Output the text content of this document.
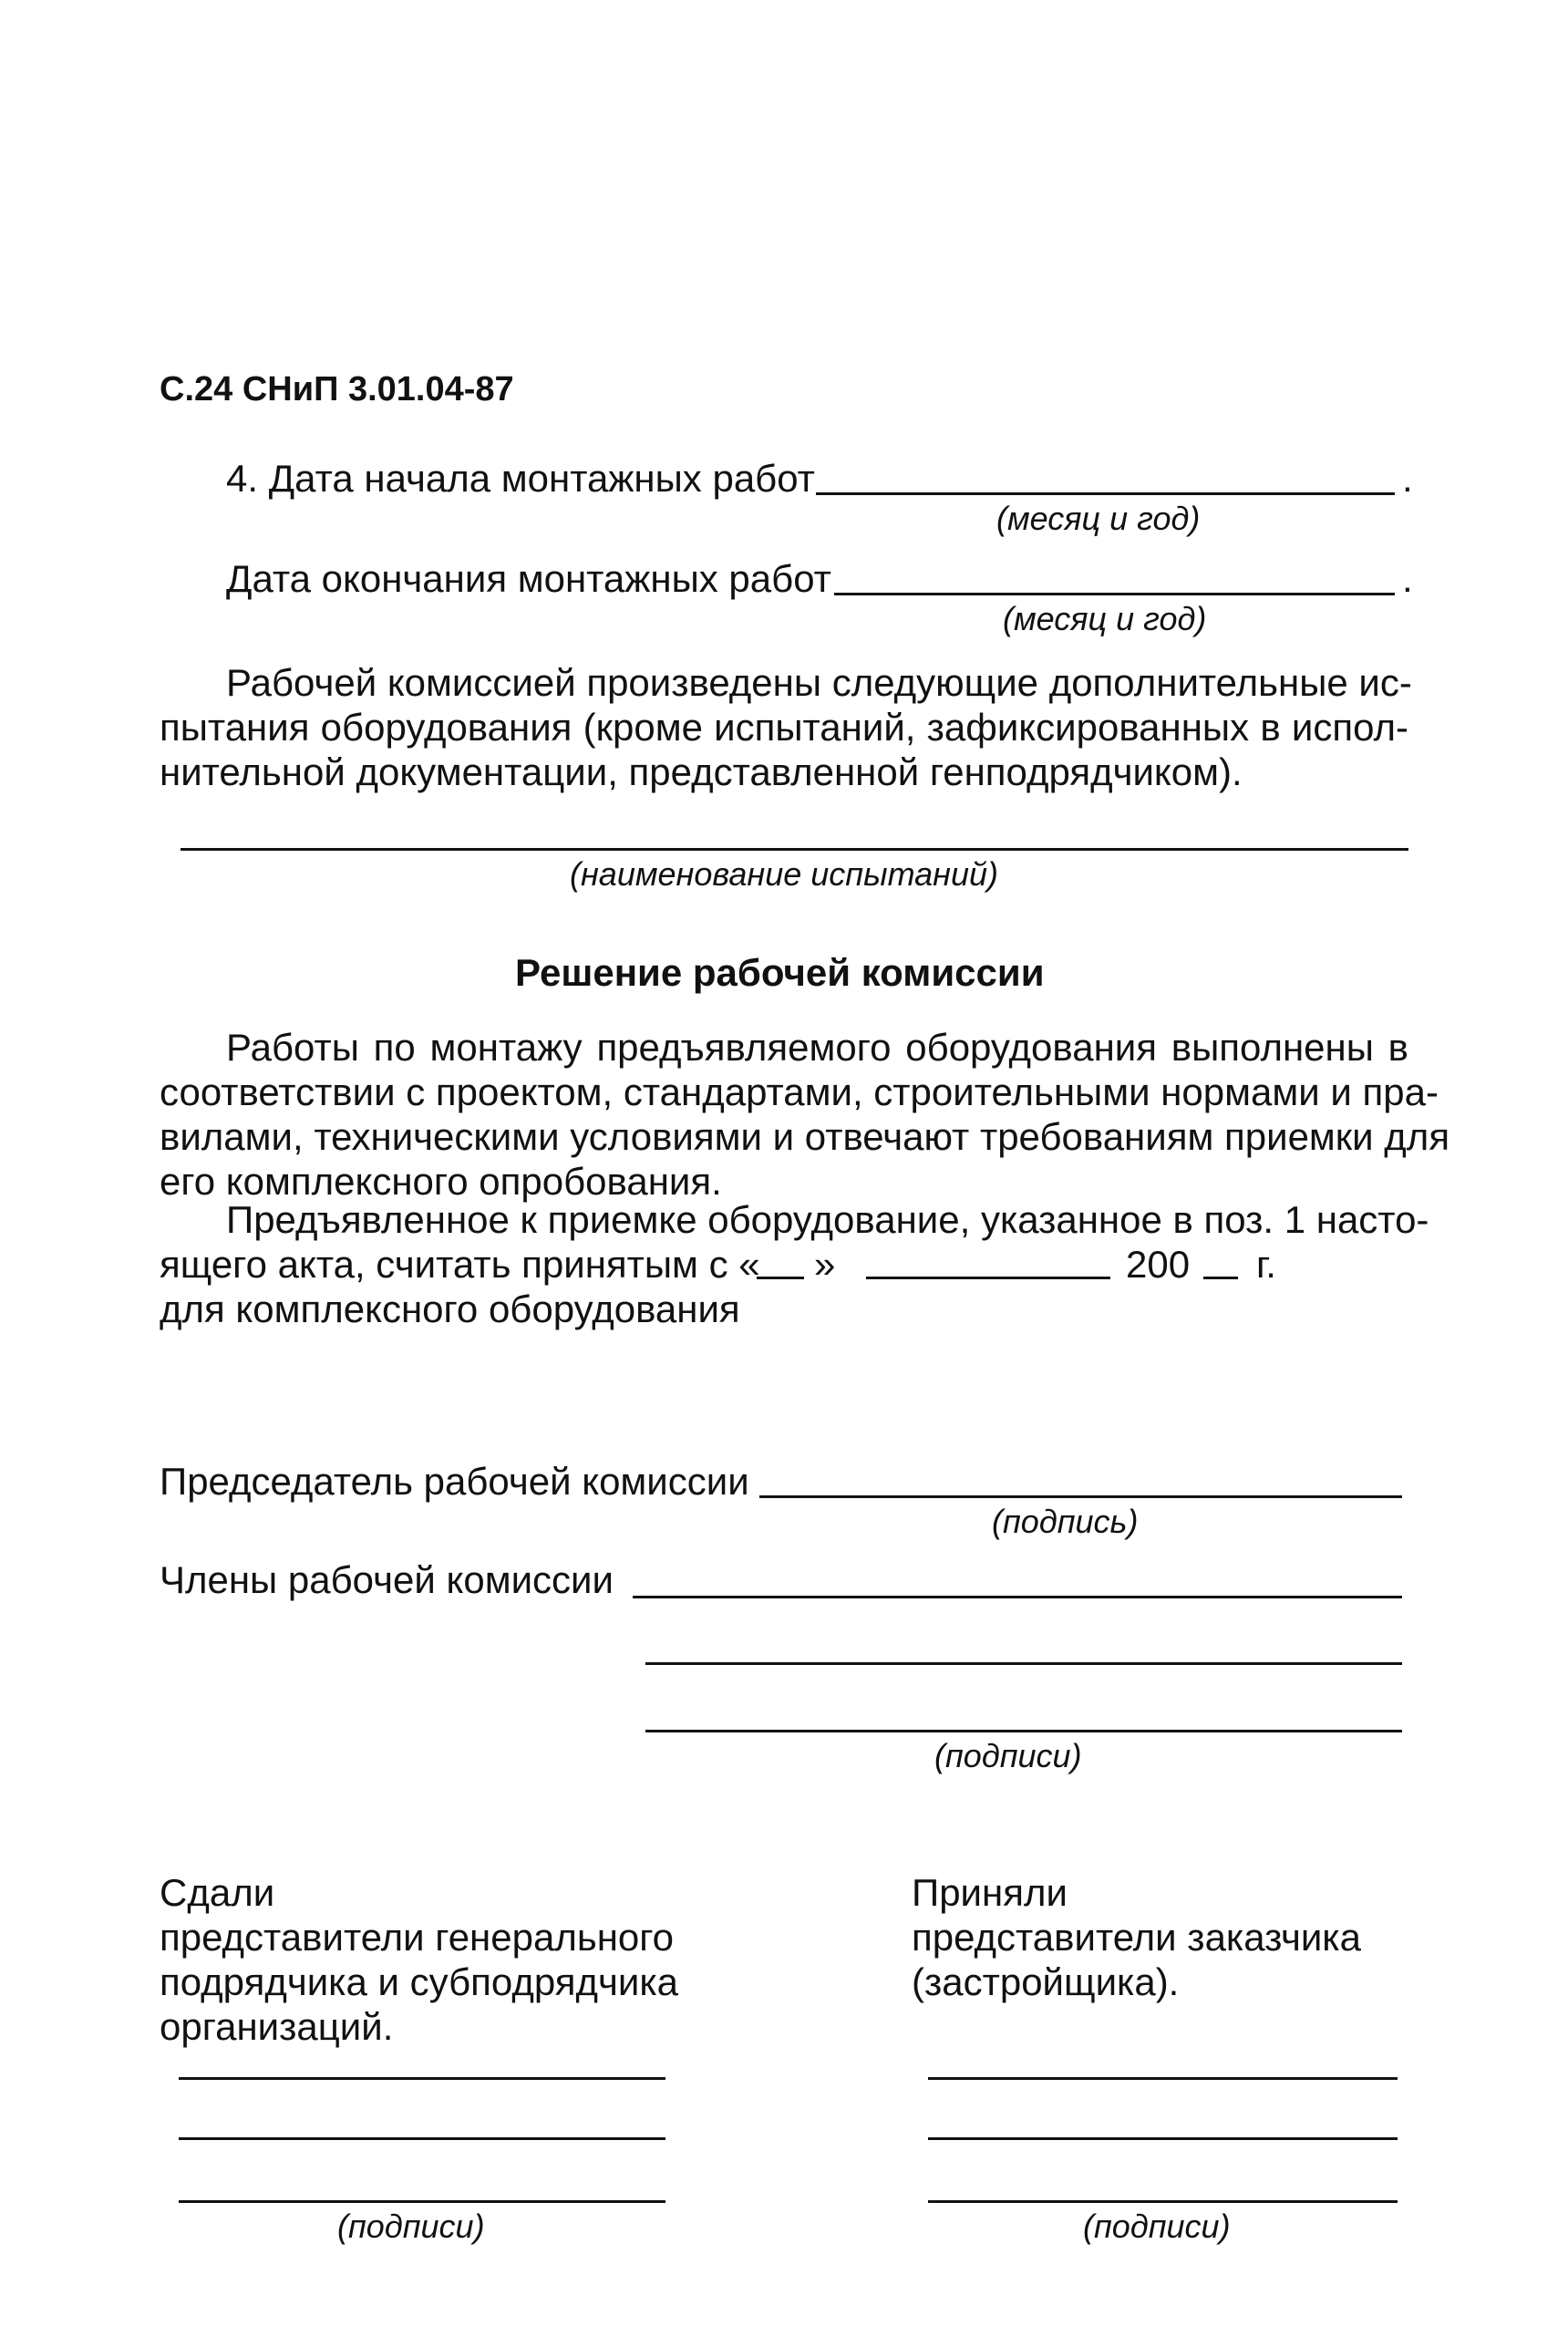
С.24 СНиП 3.01.04-87
4. Дата начала монтажных работ	.
(месяц и год)
Дата окончания монтажных работ	.
(месяц и год)
Рабочей комиссией произведены следующие дополнительные ис-
пытания оборудования (кроме испытаний, зафиксированных в испол-
нительной документации, представленной генподрядчиком).
(наименование испытаний)
Решение рабочей комиссии
Работы по монтажу предъявляемого оборудования выполнены в
соответствии с проектом, стандартами, строительными нормами и пра-
вилами, техническими условиями и отвечают требованиям приемки для
его комплексного опробования.
Предъявленное к приемке оборудование, указанное в поз. 1 насто-
ящего акта, считать принятым с « »	200 г.
для комплексного оборудования
Председатель рабочей комиссии
(подпись)
Члены рабочей комиссии
(подписи)
Сдали
представители генерального
подрядчика и субподрядчика
организаций.
(подписи)
Приняли
представители заказчика
(застройщика).
(подписи)
